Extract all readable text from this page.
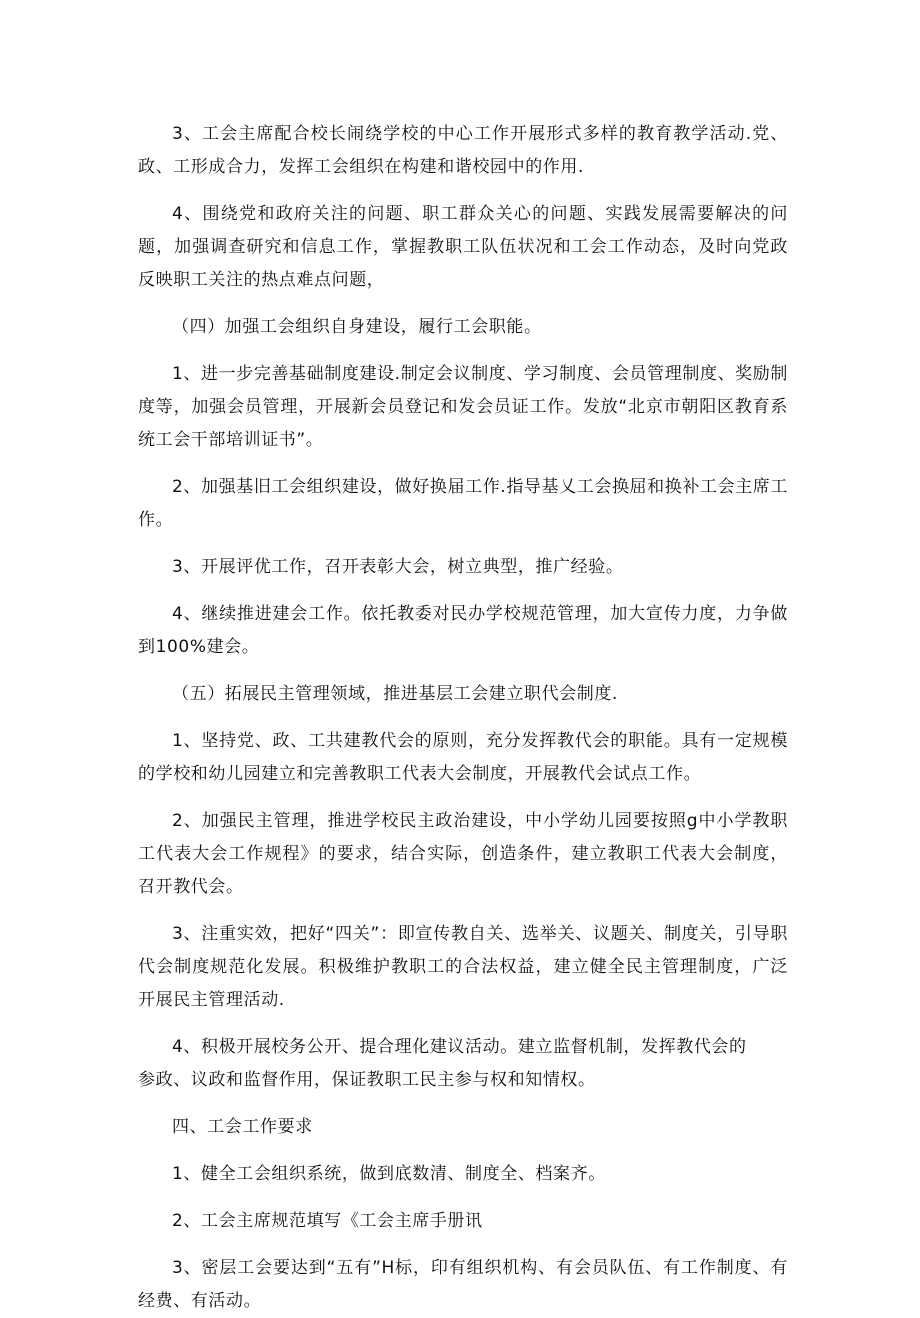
3、工会主席配合校长闹绕学校的中心工作开展形式多样的教育教学活动.党、政、工形成合力，发挥工会组织在构建和谐校园中的作用.

4、围绕党和政府关注的问题、职工群众关心的问题、实践发展需要解决的问题，加强调查研究和信息工作，掌握教职工队伍状况和工会工作动态，及时向党政反映职工关注的热点难点问题，

（四）加强工会组织自身建设，履行工会职能。

1、进一步完善基础制度建设.制定会议制度、学习制度、会员管理制度、奖励制度等，加强会员管理，开展新会员登记和发会员证工作。发放“北京市朝阳区教育系统工会干部培训证书”。

2、加强基旧工会组织建设，做好换届工作.指导基乂工会换屈和换补工会主席工作。

3、开展评优工作，召开表彰大会，树立典型，推广经验。

4、继续推进建会工作。依托教委对民办学校规范管理，加大宣传力度，力争做到100%建会。

（五）拓展民主管理领域，推进基层工会建立职代会制度.

1、坚持党、政、工共建教代会的原则，充分发挥教代会的职能。具有一定规模的学校和幼儿园建立和完善教职工代表大会制度，开展教代会试点工作。

2、加强民主管理，推进学校民主政治建设，中小学幼儿园要按照g中小学教职工代表大会工作规程》的要求，结合实际，创造条件，建立教职工代表大会制度，召开教代会。

3、注重实效，把好“四关”：即宣传教自关、选举关、议题关、制度关，引导职代会制度规范化发展。积极维护教职工的合法权益，建立健全民主管理制度，广泛开展民主管理活动.

4、积极开展校务公开、提合理化建议活动。建立监督机制，发挥教代会的

参政、议政和监督作用，保证教职工民主参与权和知情权。

四、工会工作要求

1、健全工会组织系统，做到底数清、制度全、档案齐。

2、工会主席规范填写《工会主席手册讯

3、密层工会要达到“五有”H标，印有组织机构、有会员队伍、有工作制度、有经费、有活动。
